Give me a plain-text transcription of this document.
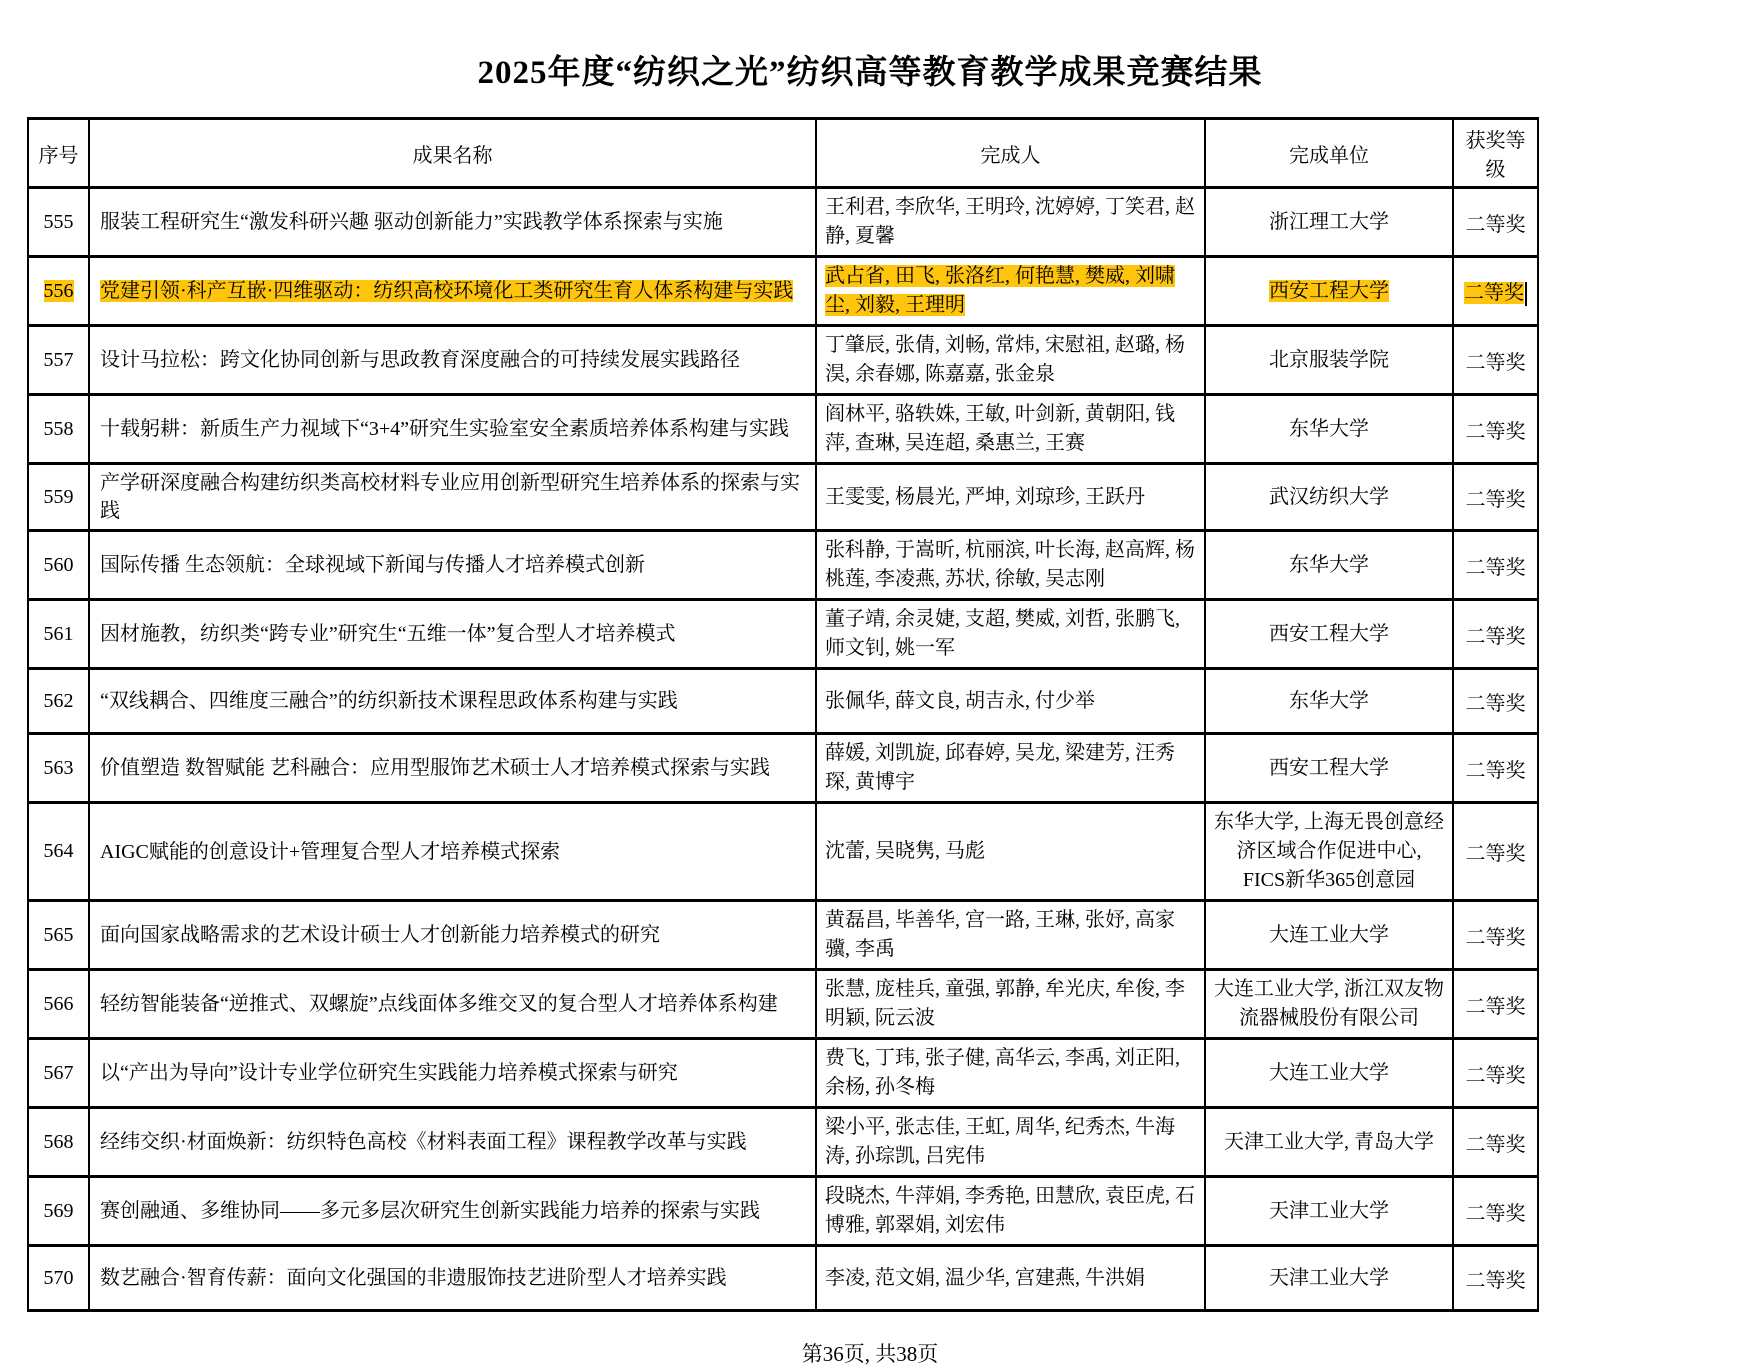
2025年度“纺织之光”纺织高等教育教学成果竞赛结果
序号	成果名称	完成人	完成单位	获奖等级
555	服装工程研究生“激发科研兴趣 驱动创新能力”实践教学体系探索与实施	王利君, 李欣华, 王明玲, 沈婷婷, 丁笑君, 赵静, 夏馨	浙江理工大学	二等奖
556	党建引领·科产互嵌·四维驱动：纺织高校环境化工类研究生育人体系构建与实践	武占省, 田飞, 张洛红, 何艳慧, 樊威, 刘啸尘, 刘毅, 王理明	西安工程大学	二等奖
557	设计马拉松：跨文化协同创新与思政教育深度融合的可持续发展实践路径	丁肇辰, 张倩, 刘畅, 常炜, 宋慰祖, 赵璐, 杨淏, 余春娜, 陈嘉嘉, 张金泉	北京服装学院	二等奖
558	十载躬耕：新质生产力视域下“3+4”研究生实验室安全素质培养体系构建与实践	阎林平, 骆轶姝, 王敏, 叶剑新, 黄朝阳, 钱萍, 查琳, 吴连超, 桑惠兰, 王赛	东华大学	二等奖
559	产学研深度融合构建纺织类高校材料专业应用创新型研究生培养体系的探索与实践	王雯雯, 杨晨光, 严坤, 刘琼珍, 王跃丹	武汉纺织大学	二等奖
560	国际传播 生态领航：全球视域下新闻与传播人才培养模式创新	张科静, 于嵩昕, 杭丽滨, 叶长海, 赵高辉, 杨桃莲, 李凌燕, 苏状, 徐敏, 吴志刚	东华大学	二等奖
561	因材施教，纺织类“跨专业”研究生“五维一体”复合型人才培养模式	董子靖, 余灵婕, 支超, 樊威, 刘哲, 张鹏飞, 师文钊, 姚一军	西安工程大学	二等奖
562	“双线耦合、四维度三融合”的纺织新技术课程思政体系构建与实践	张佩华, 薛文良, 胡吉永, 付少举	东华大学	二等奖
563	价值塑造 数智赋能 艺科融合：应用型服饰艺术硕士人才培养模式探索与实践	薛媛, 刘凯旋, 邱春婷, 吴龙, 梁建芳, 汪秀琛, 黄博宇	西安工程大学	二等奖
564	AIGC赋能的创意设计+管理复合型人才培养模式探索	沈蕾, 吴晓隽, 马彪	东华大学, 上海无畏创意经济区域合作促进中心, FICS新华365创意园	二等奖
565	面向国家战略需求的艺术设计硕士人才创新能力培养模式的研究	黄磊昌, 毕善华, 宫一路, 王琳, 张妤, 高家骥, 李禹	大连工业大学	二等奖
566	轻纺智能装备“逆推式、双螺旋”点线面体多维交叉的复合型人才培养体系构建	张慧, 庞桂兵, 童强, 郭静, 牟光庆, 牟俊, 李明颖, 阮云波	大连工业大学, 浙江双友物流器械股份有限公司	二等奖
567	以“产出为导向”设计专业学位研究生实践能力培养模式探索与研究	费飞, 丁玮, 张子健, 高华云, 李禹, 刘正阳, 余杨, 孙冬梅	大连工业大学	二等奖
568	经纬交织·材面焕新：纺织特色高校《材料表面工程》课程教学改革与实践	梁小平, 张志佳, 王虹, 周华, 纪秀杰, 牛海涛, 孙琮凯, 吕宪伟	天津工业大学, 青岛大学	二等奖
569	赛创融通、多维协同——多元多层次研究生创新实践能力培养的探索与实践	段晓杰, 牛萍娟, 李秀艳, 田慧欣, 袁臣虎, 石博雅, 郭翠娟, 刘宏伟	天津工业大学	二等奖
570	数艺融合·智育传薪：面向文化强国的非遗服饰技艺进阶型人才培养实践	李凌, 范文娟, 温少华, 宫建燕, 牛洪娟	天津工业大学	二等奖
第36页, 共38页
